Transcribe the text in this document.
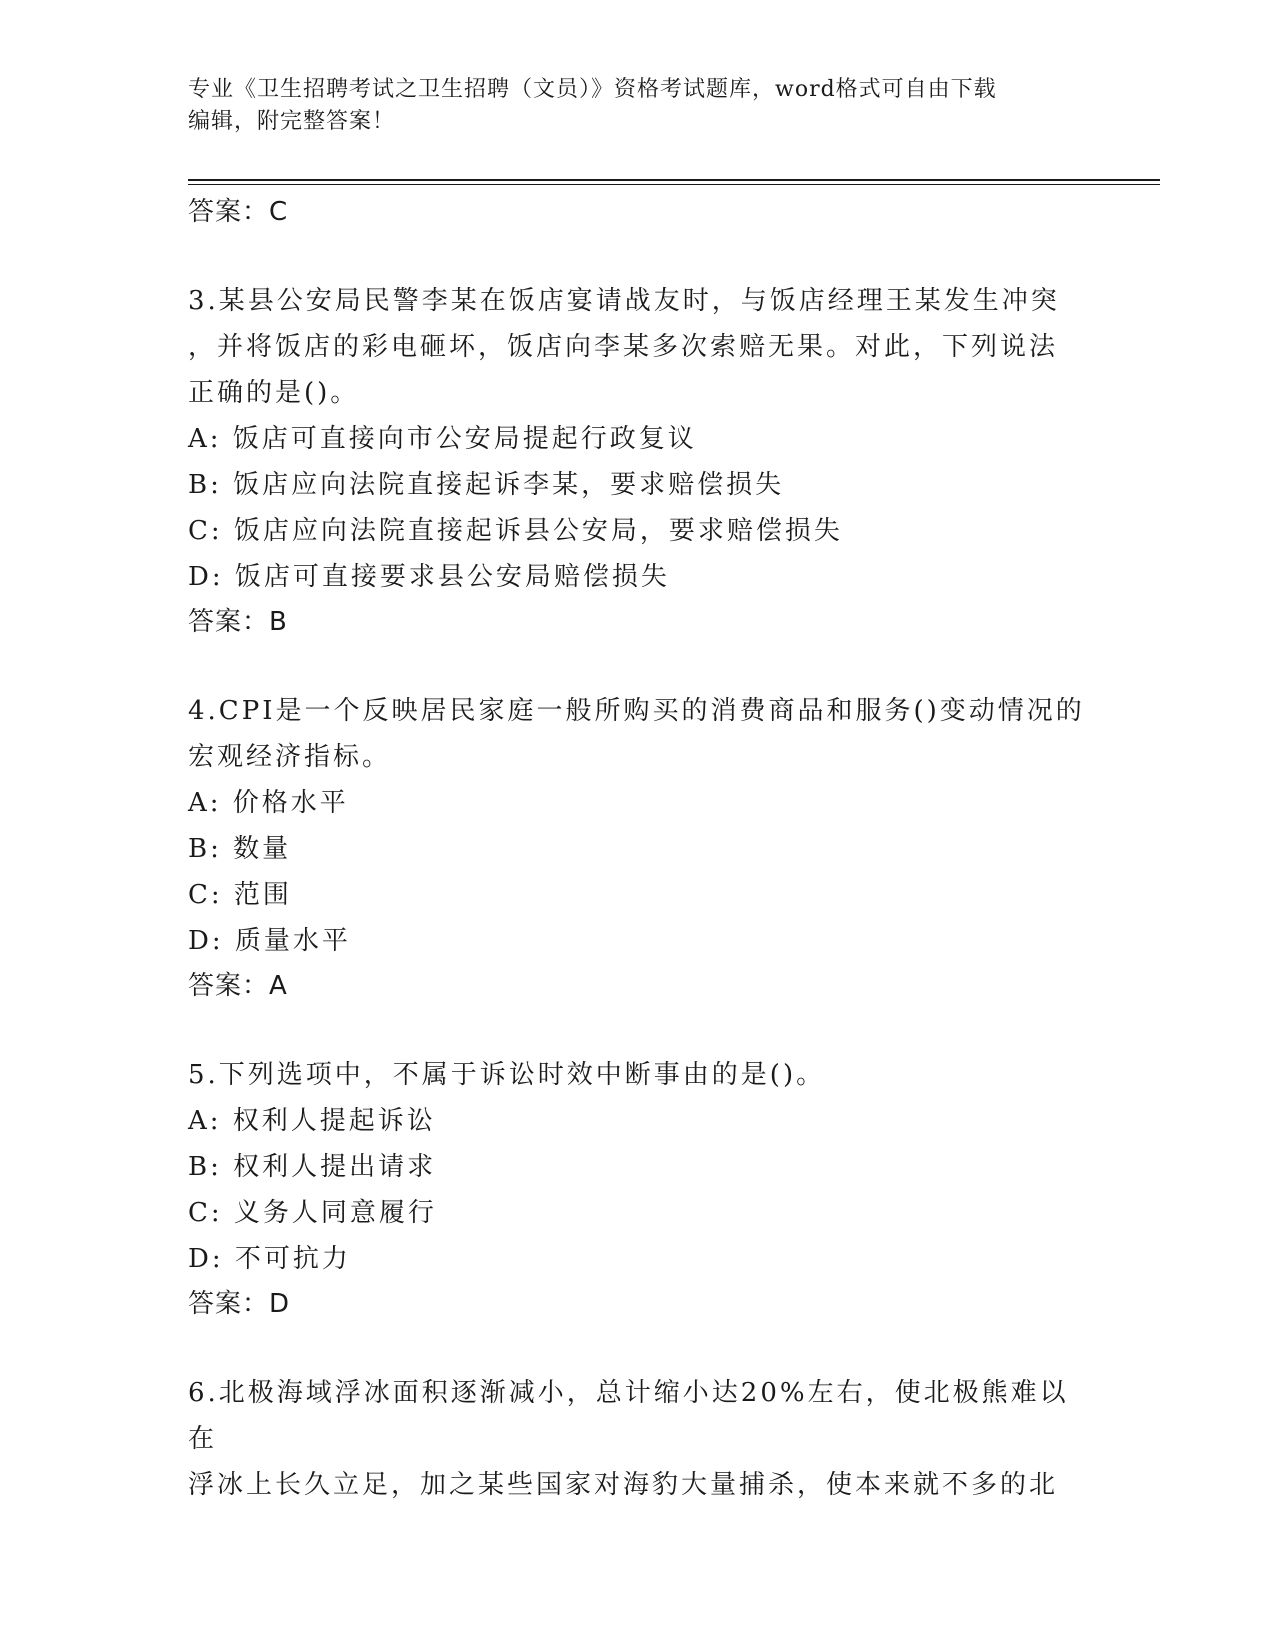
专业《卫生招聘考试之卫生招聘（文员）》资格考试题库，word格式可自由下载
编辑，附完整答案！
答案：C
3.某县公安局民警李某在饭店宴请战友时，与饭店经理王某发生冲突
，并将饭店的彩电砸坏，饭店向李某多次索赔无果。对此，下列说法
正确的是()。
A: 饭店可直接向市公安局提起行政复议
B: 饭店应向法院直接起诉李某，要求赔偿损失
C: 饭店应向法院直接起诉县公安局，要求赔偿损失
D: 饭店可直接要求县公安局赔偿损失
答案：B
4.CPI是一个反映居民家庭一般所购买的消费商品和服务()变动情况的
宏观经济指标。
A: 价格水平
B: 数量
C: 范围
D: 质量水平
答案：A
5.下列选项中，不属于诉讼时效中断事由的是()。
A: 权利人提起诉讼
B: 权利人提出请求
C: 义务人同意履行
D: 不可抗力
答案：D
6.北极海域浮冰面积逐渐减小，总计缩小达20%左右，使北极熊难以在
浮冰上长久立足，加之某些国家对海豹大量捕杀，使本来就不多的北
